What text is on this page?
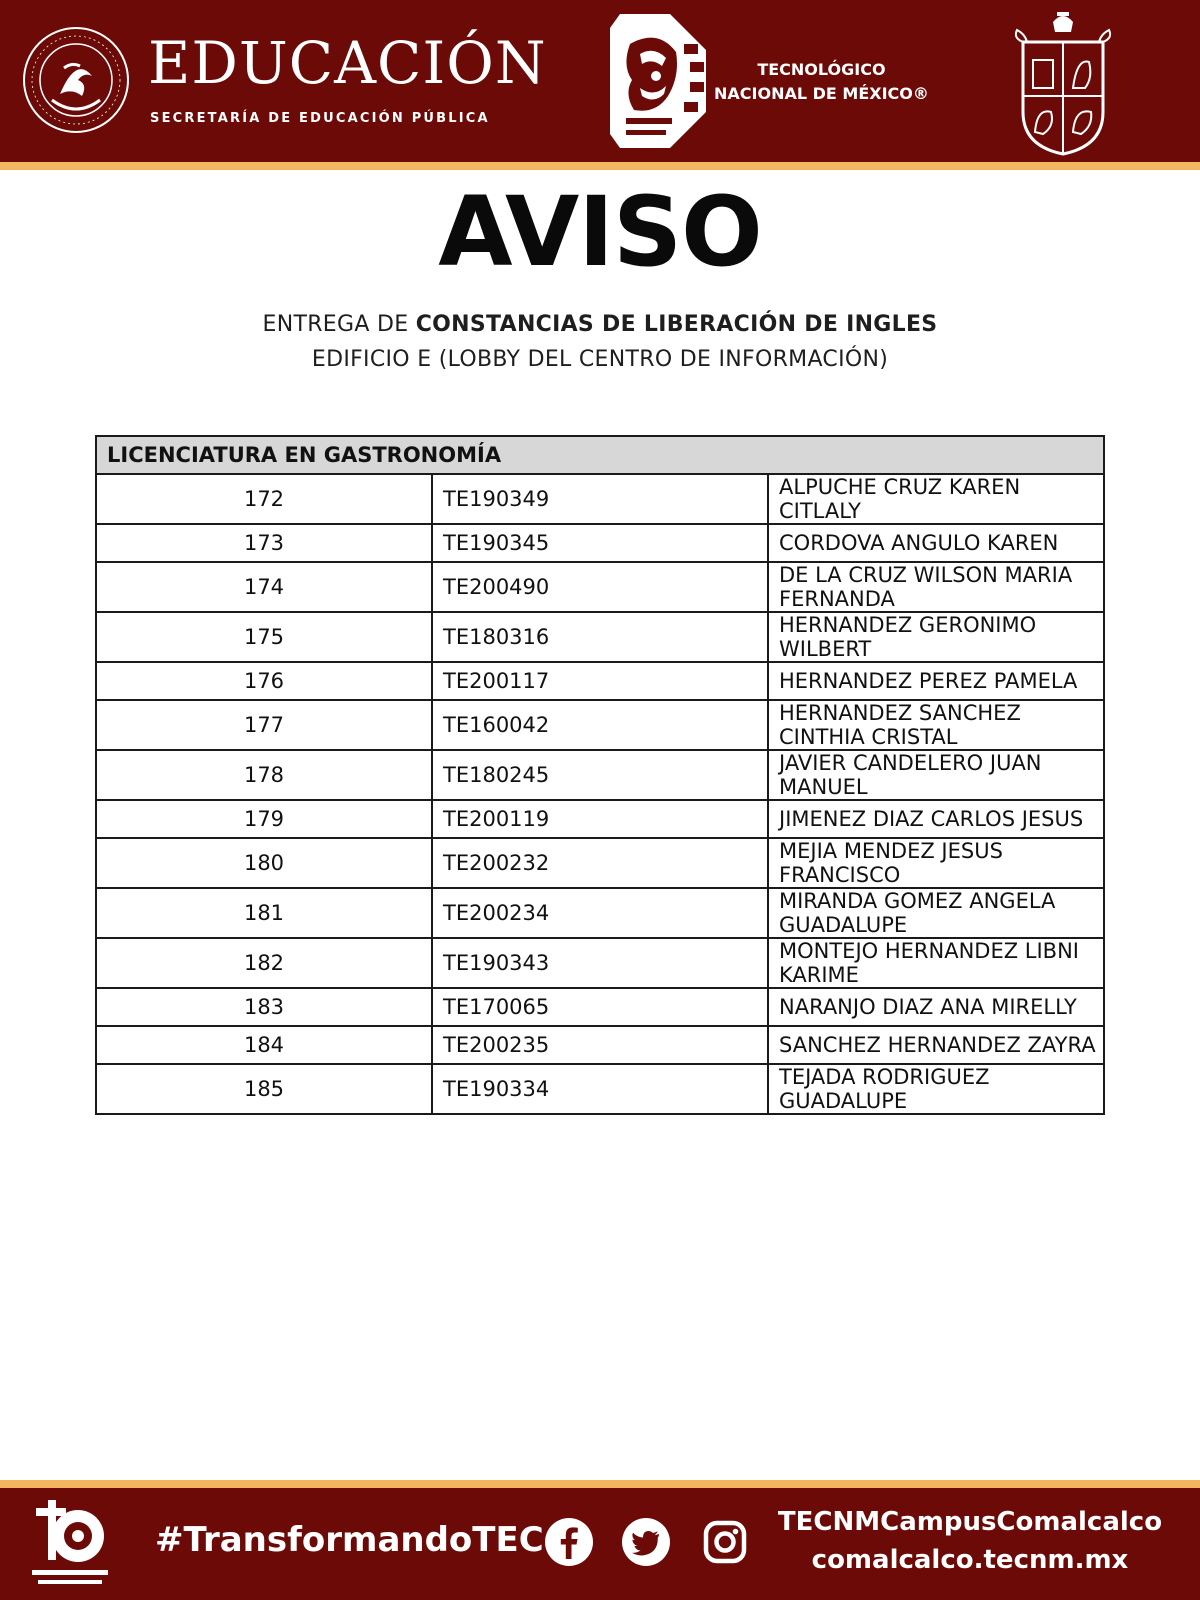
EDUCACIÓN
SECRETARÍA DE EDUCACIÓN PÚBLICA
TECNOLÓGICO
NACIONAL DE MÉXICO®
AVISO
ENTREGA DE CONSTANCIAS DE LIBERACIÓN DE INGLES
EDIFICIO E (LOBBY DEL CENTRO DE INFORMACIÓN)
LICENCIATURA EN GASTRONOMÍA		
172	TE190349	ALPUCHE CRUZ KAREN CITLALY
173	TE190345	CORDOVA ANGULO KAREN
174	TE200490	DE LA CRUZ WILSON MARIA FERNANDA
175	TE180316	HERNANDEZ GERONIMO WILBERT
176	TE200117	HERNANDEZ PEREZ PAMELA
177	TE160042	HERNANDEZ SANCHEZ CINTHIA CRISTAL
178	TE180245	JAVIER CANDELERO JUAN MANUEL
179	TE200119	JIMENEZ DIAZ CARLOS JESUS
180	TE200232	MEJIA MENDEZ JESUS FRANCISCO
181	TE200234	MIRANDA GOMEZ ANGELA GUADALUPE
182	TE190343	MONTEJO HERNANDEZ LIBNI KARIME
183	TE170065	NARANJO DIAZ ANA MIRELLY
184	TE200235	SANCHEZ HERNANDEZ ZAYRA
185	TE190334	TEJADA RODRIGUEZ GUADALUPE
#TransformandoTEC	TECNMCampusComalcalco
comalcalco.tecnm.mx
